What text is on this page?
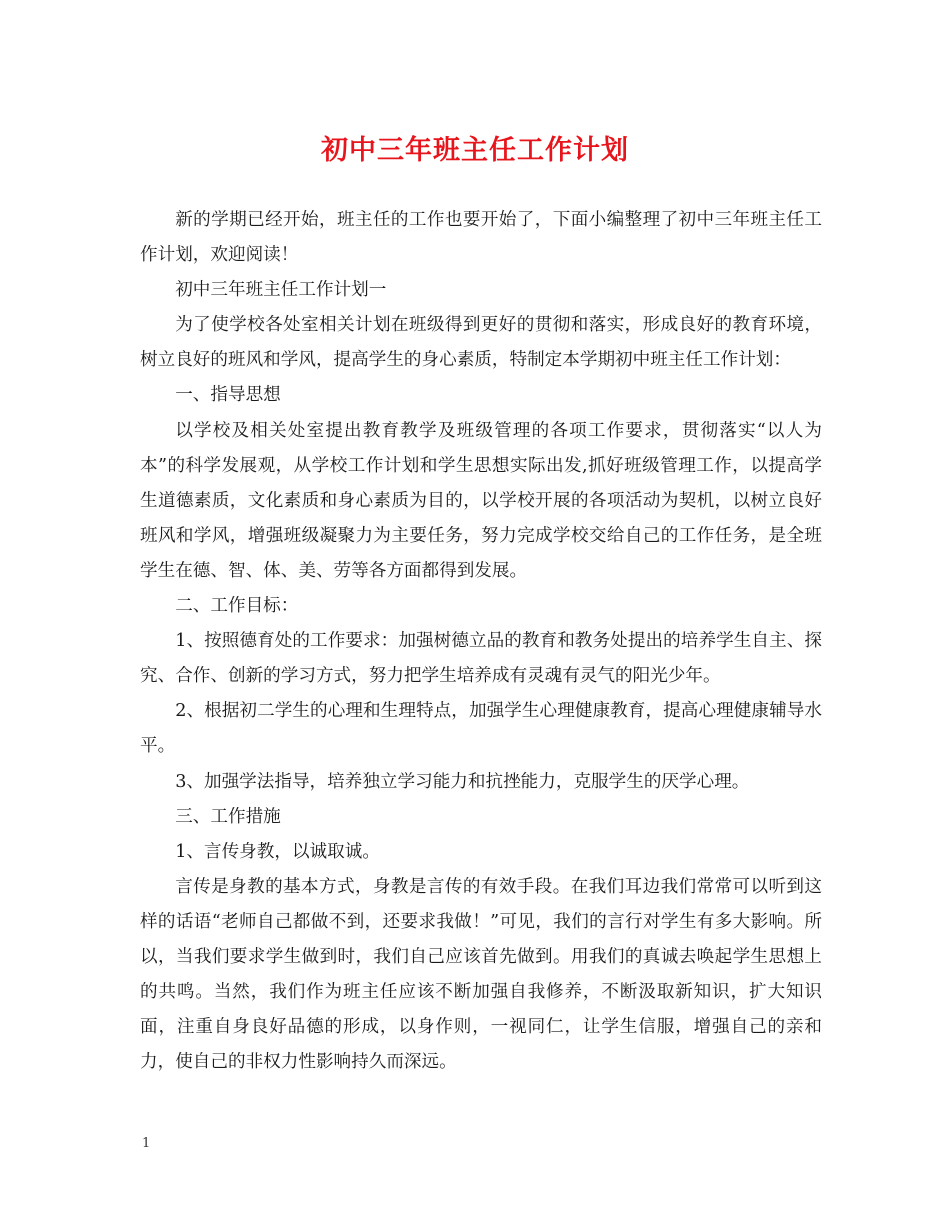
初中三年班主任工作计划

新的学期已经开始，班主任的工作也要开始了，下面小编整理了初中三年班主任工作计划，欢迎阅读！

初中三年班主任工作计划一

为了使学校各处室相关计划在班级得到更好的贯彻和落实，形成良好的教育环境，树立良好的班风和学风，提高学生的身心素质，特制定本学期初中班主任工作计划：

一、指导思想

以学校及相关处室提出教育教学及班级管理的各项工作要求，贯彻落实“以人为本”的科学发展观，从学校工作计划和学生思想实际出发,抓好班级管理工作，以提高学生道德素质，文化素质和身心素质为目的，以学校开展的各项活动为契机，以树立良好班风和学风，增强班级凝聚力为主要任务，努力完成学校交给自己的工作任务，是全班学生在德、智、体、美、劳等各方面都得到发展。

二、工作目标：

1、按照德育处的工作要求：加强树德立品的教育和教务处提出的培养学生自主、探究、合作、创新的学习方式，努力把学生培养成有灵魂有灵气的阳光少年。

2、根据初二学生的心理和生理特点，加强学生心理健康教育，提高心理健康辅导水平。

3、加强学法指导，培养独立学习能力和抗挫能力，克服学生的厌学心理。

三、工作措施

1、言传身教，以诚取诚。

言传是身教的基本方式，身教是言传的有效手段。在我们耳边我们常常可以听到这样的话语“老师自己都做不到，还要求我做！”可见，我们的言行对学生有多大影响。所以，当我们要求学生做到时，我们自己应该首先做到。用我们的真诚去唤起学生思想上的共鸣。当然，我们作为班主任应该不断加强自我修养，不断汲取新知识，扩大知识面，注重自身良好品德的形成，以身作则，一视同仁，让学生信服，增强自己的亲和力，使自己的非权力性影响持久而深远。

1
